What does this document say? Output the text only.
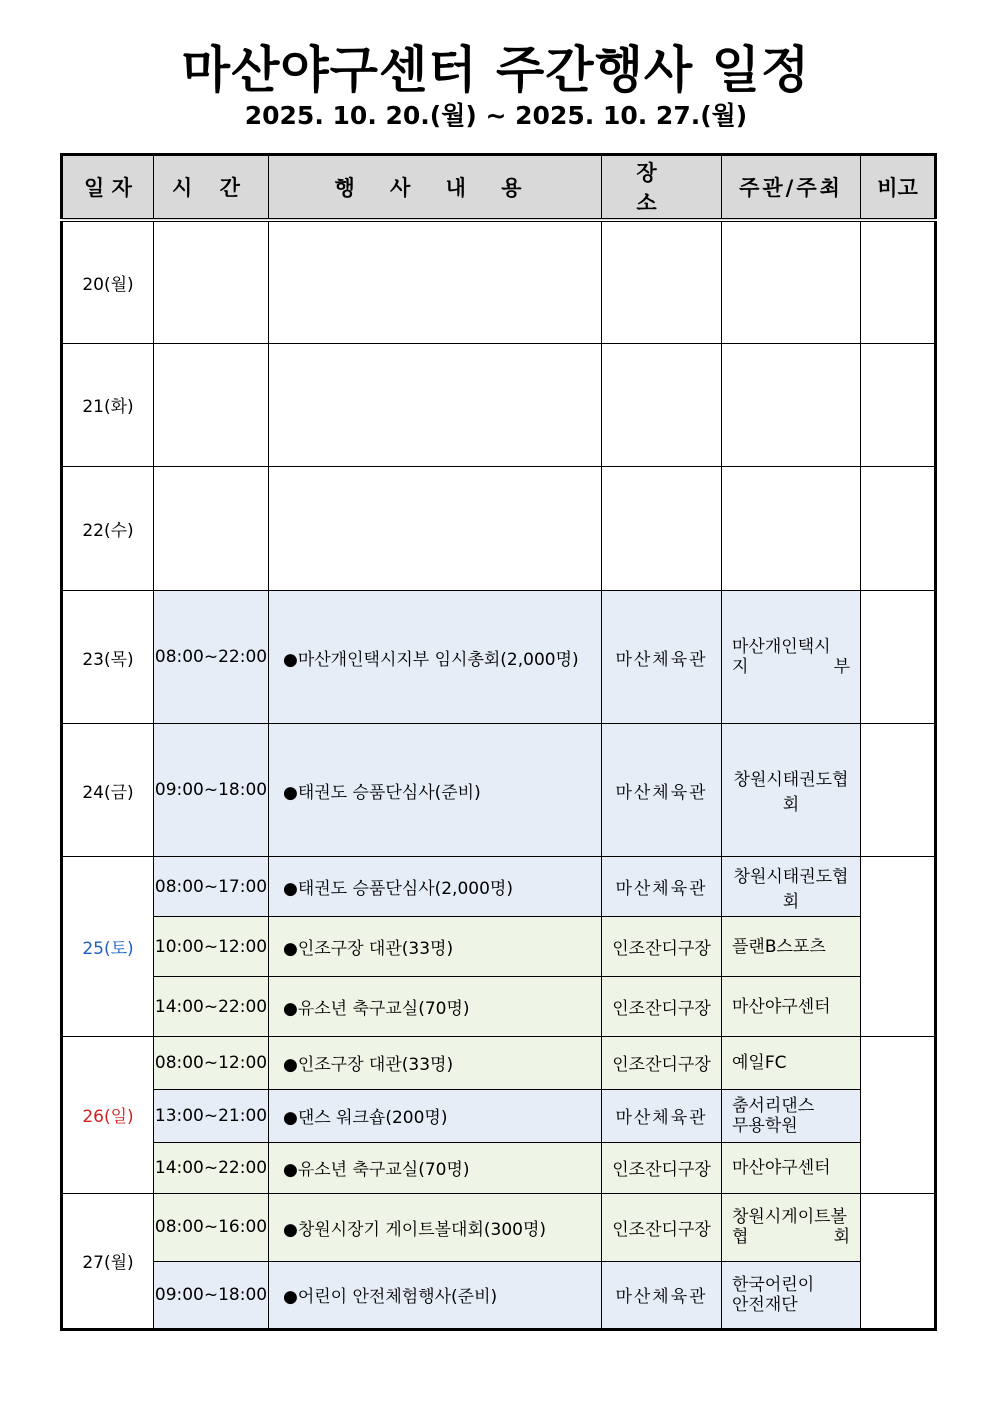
마산야구센터 주간행사 일정
2025. 10. 20.(월) ~ 2025. 10. 27.(월)
일 자	시 간	행 사 내 용	장 소	주관/주최	비고
20(월)					
21(화)					
22(수)					
23(목)	08:00~22:00	●마산개인택시지부 임시총회(2,000명)	마산체육관	마산개인택시
지 부	

24(금)	09:00~18:00	●태권도 승품단심사(준비)	마산체육관	창원시태권도협회	
25(토)	08:00~17:00	●태권도 승품단심사(2,000명)	마산체육관	창원시태권도협회	
	10:00~12:00	●인조구장 대관(33명)	인조잔디구장	플랜B스포츠	
	14:00~22:00	●유소년 축구교실(70명)	인조잔디구장	마산야구센터	
26(일)	08:00~12:00	●인조구장 대관(33명)	인조잔디구장	예일FC	
	13:00~21:00	●댄스 워크숍(200명)	마산체육관	춤서리댄스
무용학원	

	14:00~22:00	●유소년 축구교실(70명)	인조잔디구장	마산야구센터	
27(월)	08:00~16:00	●창원시장기 게이트볼대회(300명)	인조잔디구장	창원시게이트볼
협 회	

	09:00~18:00	●어린이 안전체험행사(준비)	마산체육관	한국어린이
안전재단	
